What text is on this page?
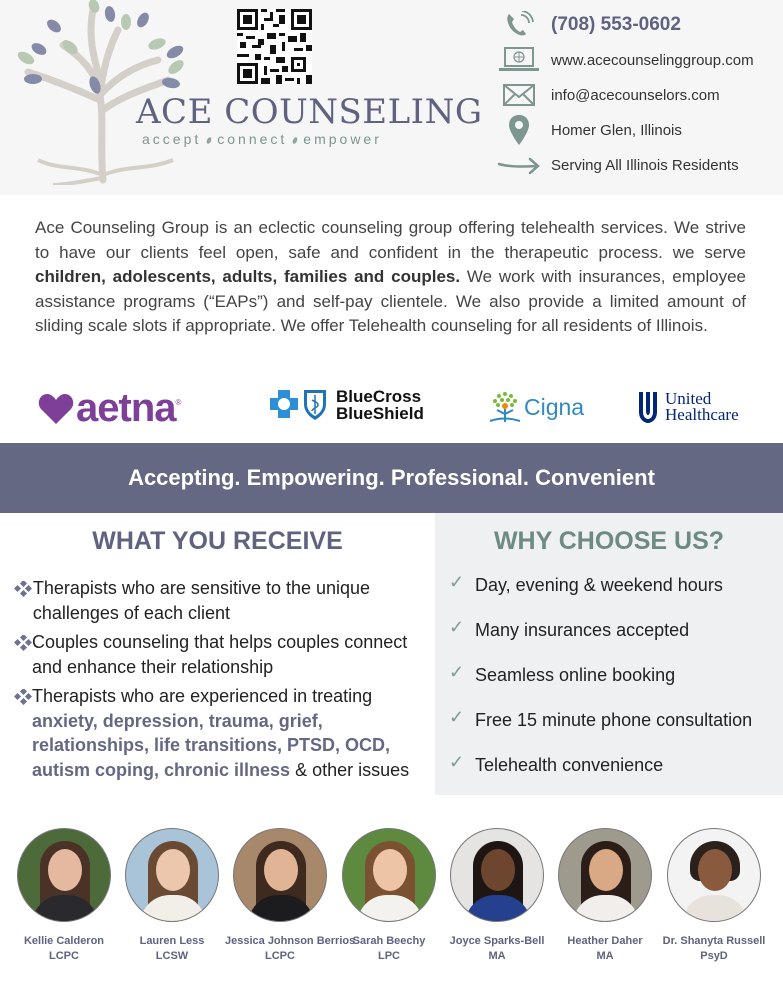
ACE COUNSELING
accept connect empower
(708) 553-0602
www.acecounselinggroup.com
info@acecounselors.com
Homer Glen, Illinois
Serving All Illinois Residents

Ace Counseling Group is an eclectic counseling group offering telehealth services. We strive to have our clients feel open, safe and confident in the therapeutic process. we serve children, adolescents, adults, families and couples. We work with insurances, employee assistance programs (“EAPs”) and self-pay clientele. We also provide a limited amount of sliding scale slots if appropriate. We offer Telehealth counseling for all residents of Illinois.

aetna ®	BlueCross
BlueShield	Cigna	United
Healthcare
Accepting. Empowering. Professional. Convenient
WHAT YOU RECEIVE
Therapists who are sensitive to the unique challenges of each client
Couples counseling that helps couples connect and enhance their relationship
Therapists who are experienced in treating anxiety, depression, trauma, grief, relationships, life transitions, PTSD, OCD, autism coping, chronic illness & other issues
WHY CHOOSE US?
✓ Day, evening & weekend hours
✓ Many insurances accepted
✓ Seamless online booking
✓ Free 15 minute phone consultation
✓ Telehealth convenience
Kellie Calderon
LCPC
Lauren Less
LCSW
Jessica Johnson Berrios
LCPC
Sarah Beechy
LPC
Joyce Sparks-Bell
MA
Heather Daher
MA
Dr. Shanyta Russell
PsyD
